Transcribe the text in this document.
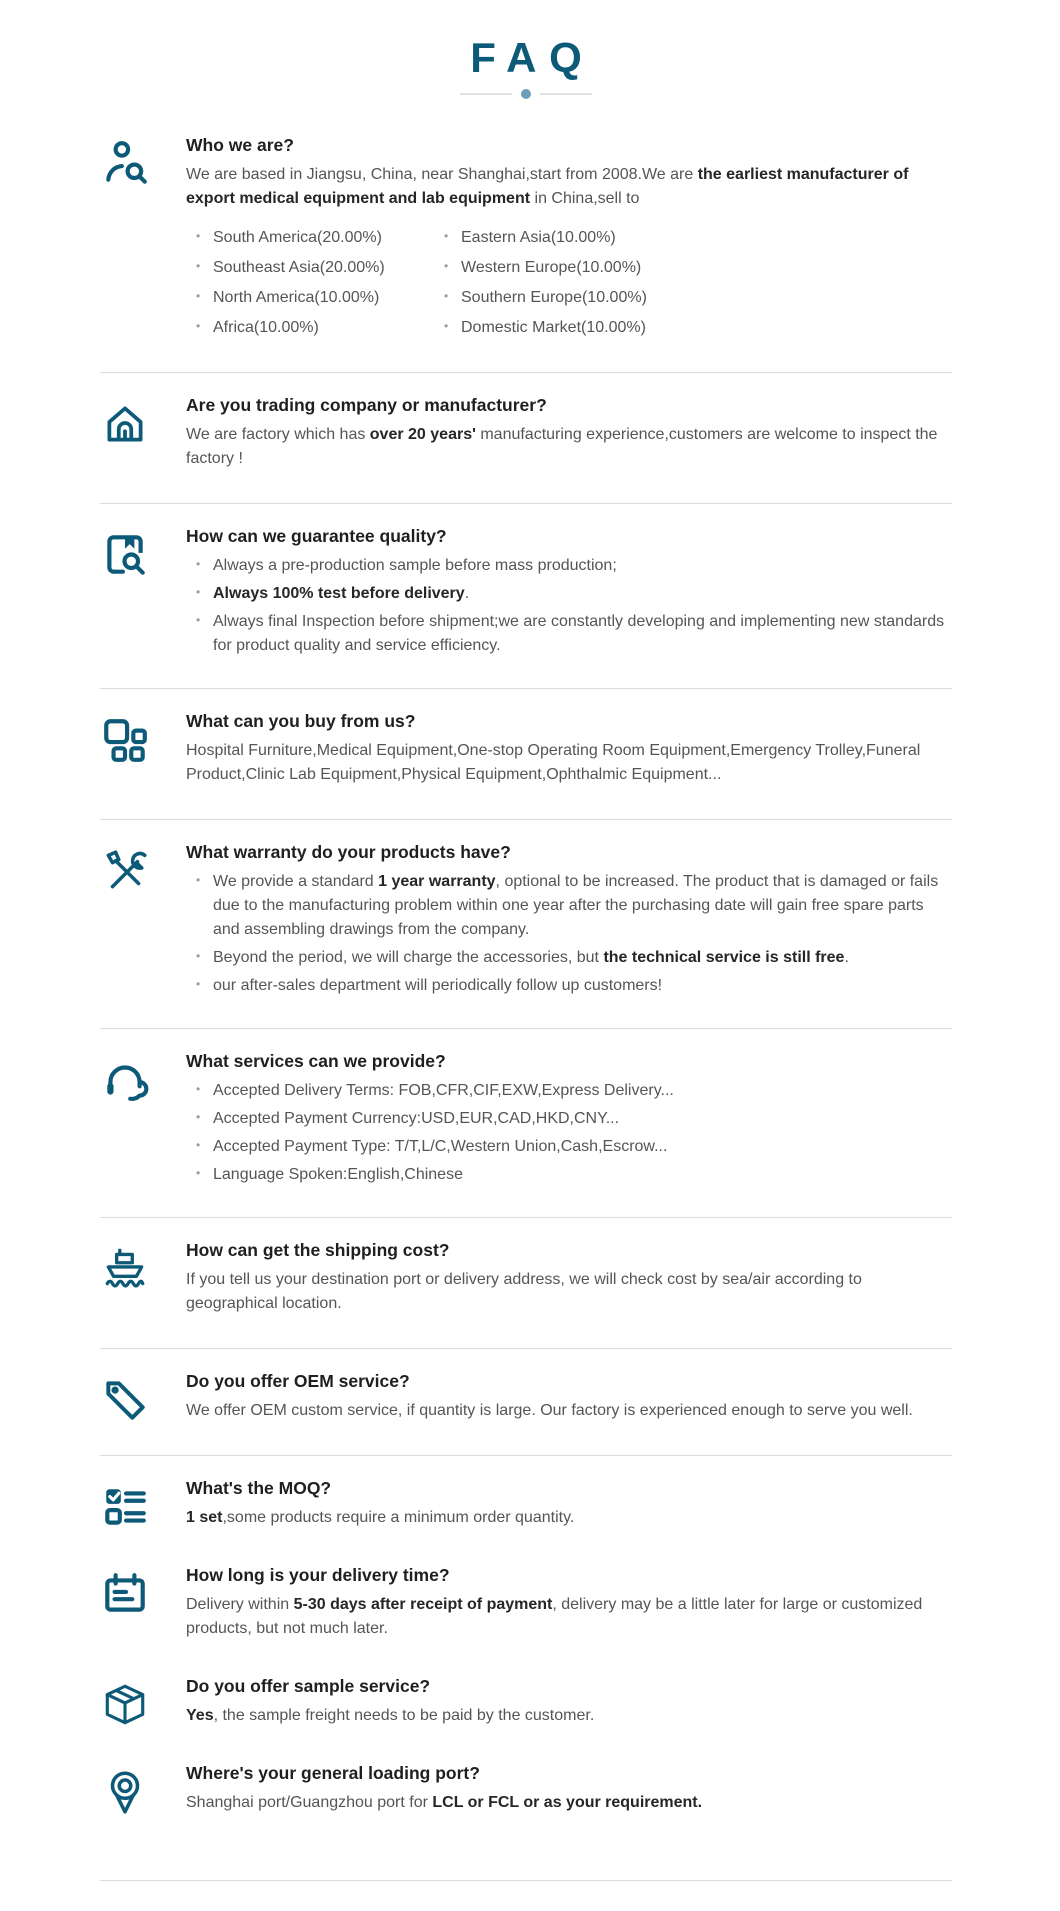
FAQ
Who we are?

We are based in Jiangsu, China, near Shanghai,start from 2008.We are the earliest manufacturer of export medical equipment and lab equipment in China,sell to

• South America(20.00%)
• Southeast Asia(20.00%)
• North America(10.00%)
• Africa(10.00%)
• Eastern Asia(10.00%)
• Western Europe(10.00%)
• Southern Europe(10.00%)
• Domestic Market(10.00%)
Are you trading company or manufacturer?

We are factory which has over 20 years' manufacturing experience,customers are welcome to inspect the factory !

How can we guarantee quality?
• Always a pre-production sample before mass production;
• Always 100% test before delivery.
• Always final Inspection before shipment;we are constantly developing and implementing new standards for product quality and service efficiency.
What can you buy from us?

Hospital Furniture,Medical Equipment,One-stop Operating Room Equipment,Emergency Trolley,Funeral Product,Clinic Lab Equipment,Physical Equipment,Ophthalmic Equipment...

What warranty do your products have?
• We provide a standard 1 year warranty, optional to be increased. The product that is damaged or fails due to the manufacturing problem within one year after the purchasing date will gain free spare parts and assembling drawings from the company.
• Beyond the period, we will charge the accessories, but the technical service is still free.
• our after-sales department will periodically follow up customers!
What services can we provide?
• Accepted Delivery Terms: FOB,CFR,CIF,EXW,Express Delivery...
• Accepted Payment Currency:USD,EUR,CAD,HKD,CNY...
• Accepted Payment Type: T/T,L/C,Western Union,Cash,Escrow...
• Language Spoken:English,Chinese
How can get the shipping cost?

If you tell us your destination port or delivery address, we will check cost by sea/air according to geographical location.

Do you offer OEM service?

We offer OEM custom service, if quantity is large. Our factory is experienced enough to serve you well.

What's the MOQ?

1 set,some products require a minimum order quantity.

How long is your delivery time?

Delivery within 5-30 days after receipt of payment, delivery may be a little later for large or customized products, but not much later.

Do you offer sample service?

Yes, the sample freight needs to be paid by the customer.

Where's your general loading port?

Shanghai port/Guangzhou port for LCL or FCL or as your requirement.
